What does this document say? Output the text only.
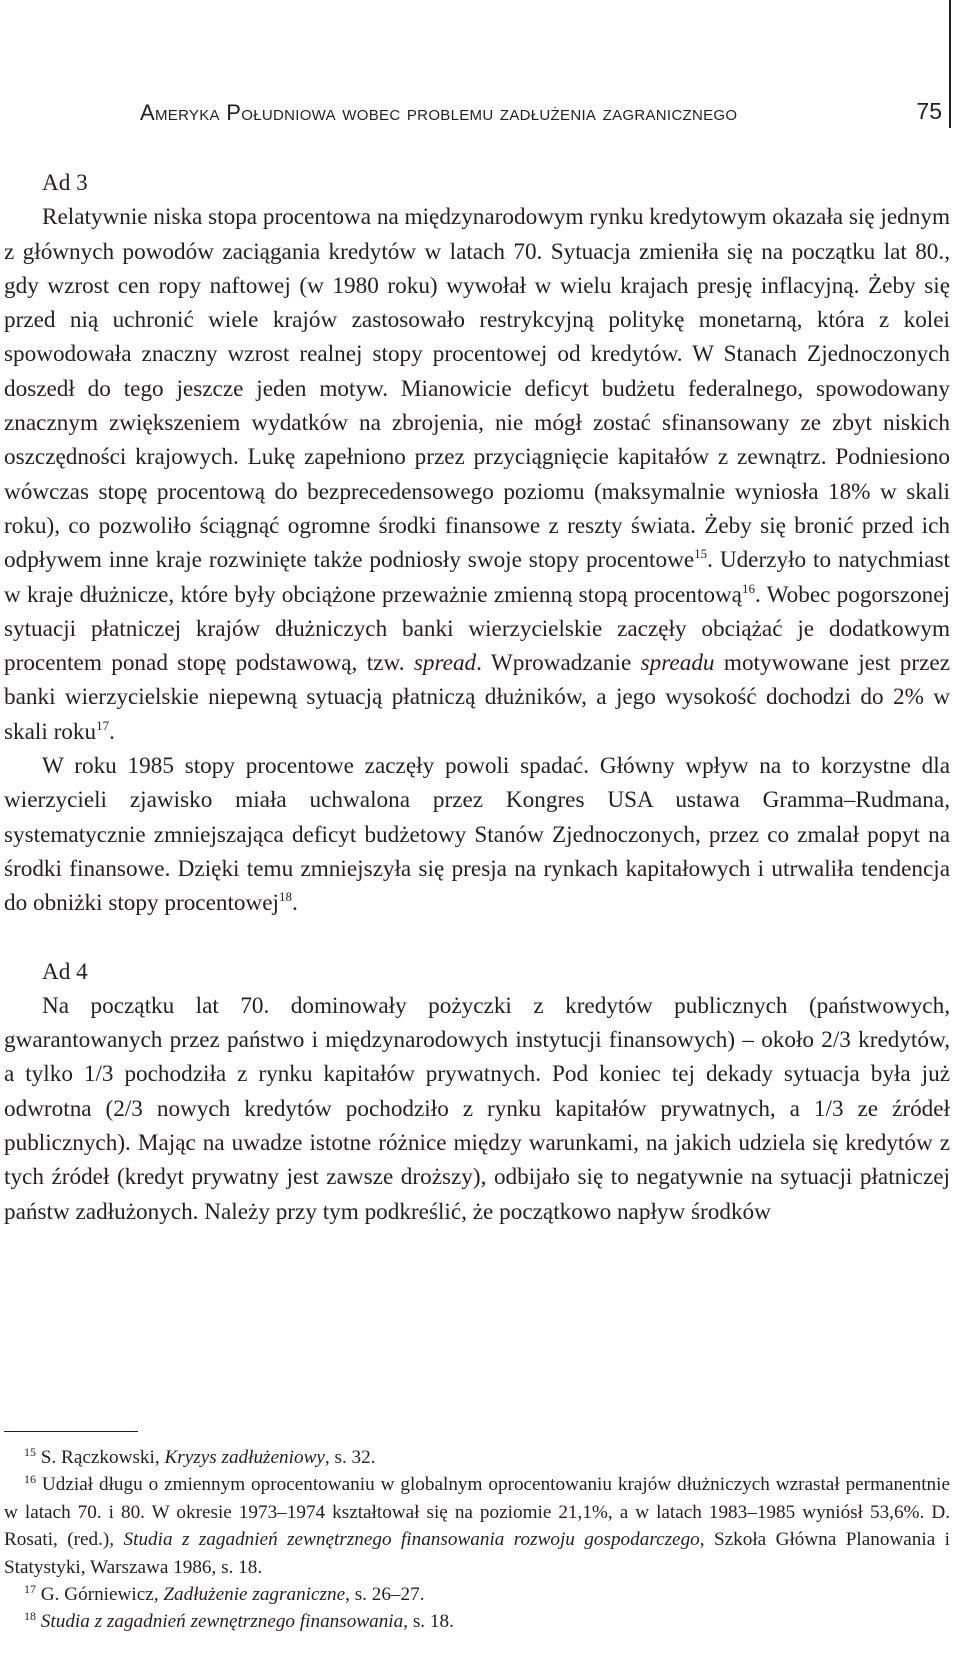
Ameryka Południowa wobec problemu zadłużenia zagranicznego	75

Ad 3

Relatywnie niska stopa procentowa na międzynarodowym rynku kredytowym okazała się jednym z głównych powodów zaciągania kredytów w latach 70. Sytuacja zmieniła się na początku lat 80., gdy wzrost cen ropy naftowej (w 1980 roku) wywołał w wielu krajach presję inflacyjną. Żeby się przed nią uchronić wiele krajów zastosowało restrykcyjną politykę monetarną, która z kolei spowodowała znaczny wzrost realnej stopy procentowej od kredytów. W Stanach Zjednoczonych doszedł do tego jeszcze jeden motyw. Mianowicie deficyt budżetu federalnego, spowodowany znacznym zwiększeniem wydatków na zbrojenia, nie mógł zostać sfinansowany ze zbyt niskich oszczędności krajowych. Lukę zapełniono przez przyciągnięcie kapitałów z zewnątrz. Podniesiono wówczas stopę procentową do bezprecedensowego poziomu (maksymalnie wyniosła 18% w skali roku), co pozwoliło ściągnąć ogromne środki finansowe z reszty świata. Żeby się bronić przed ich odpływem inne kraje rozwinięte także podniosły swoje stopy procentowe$^{15}$. Uderzyło to natychmiast w kraje dłużnicze, które były obciążone przeważnie zmienną stopą procentową$^{16}$. Wobec pogorszonej sytuacji płatniczej krajów dłużniczych banki wierzycielskie zaczęły obciążać je dodatkowym procentem ponad stopę podstawową, tzw. spread. Wprowadzanie spreadu motywowane jest przez banki wierzycielskie niepewną sytuacją płatniczą dłużników, a jego wysokość dochodzi do 2% w skali roku$^{17}$.

W roku 1985 stopy procentowe zaczęły powoli spadać. Główny wpływ na to korzystne dla wierzycieli zjawisko miała uchwalona przez Kongres USA ustawa Gramma–Rudmana, systematycznie zmniejszająca deficyt budżetowy Stanów Zjednoczonych, przez co zmalał popyt na środki finansowe. Dzięki temu zmniejszyła się presja na rynkach kapitałowych i utrwaliła tendencja do obniżki stopy procentowej$^{18}$.

Ad 4

Na początku lat 70. dominowały pożyczki z kredytów publicznych (państwowych, gwarantowanych przez państwo i międzynarodowych instytucji finansowych) – około 2/3 kredytów, a tylko 1/3 pochodziła z rynku kapitałów prywatnych. Pod koniec tej dekady sytuacja była już odwrotna (2/3 nowych kredytów pochodziło z rynku kapitałów prywatnych, a 1/3 ze źródeł publicznych). Mając na uwadze istotne różnice między warunkami, na jakich udziela się kredytów z tych źródeł (kredyt prywatny jest zawsze droższy), odbijało się to negatywnie na sytuacji płatniczej państw zadłużonych. Należy przy tym podkreślić, że początkowo napływ środków

$^{15}$ S. Rączkowski, Kryzys zadłużeniowy, s. 32.

$^{16}$ Udział długu o zmiennym oprocentowaniu w globalnym oprocentowaniu krajów dłużniczych wzrastał permanentnie w latach 70. i 80. W okresie 1973–1974 kształtował się na poziomie 21,1%, a w latach 1983–1985 wyniósł 53,6%. D. Rosati, (red.), Studia z zagadnień zewnętrznego finansowania rozwoju gospodarczego, Szkoła Główna Planowania i Statystyki, Warszawa 1986, s. 18.

$^{17}$ G. Górniewicz, Zadłużenie zagraniczne, s. 26–27.

$^{18}$ Studia z zagadnień zewnętrznego finansowania, s. 18.
